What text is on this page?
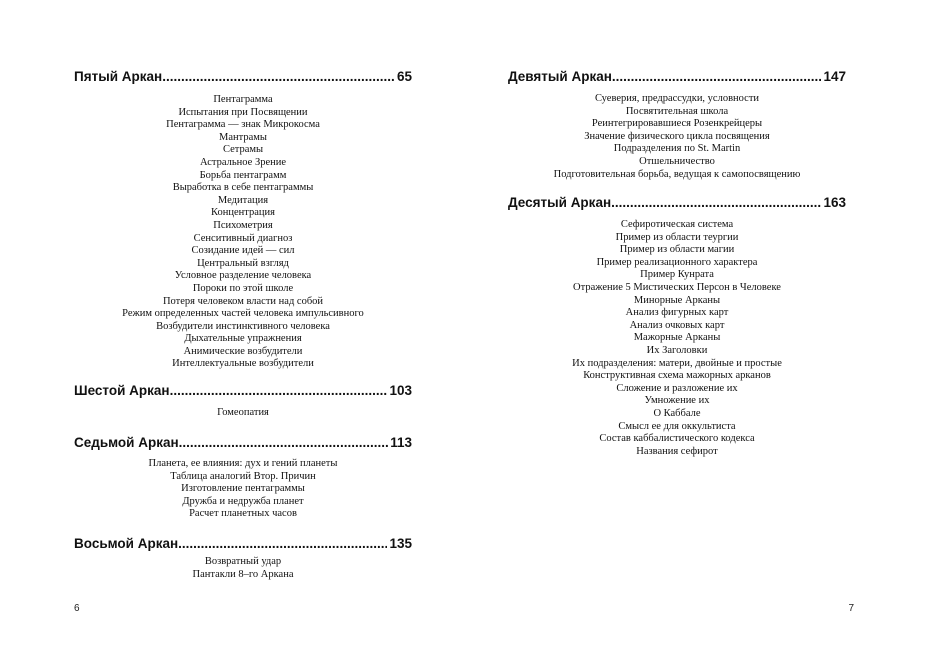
Пятый Аркан .....	65
Пентаграмма
Испытания при Посвящении
Пентаграмма — знак Микрокосма
Мантрамы
Сетрамы
Астральное Зрение
Борьба пентаграмм
Выработка в себе пентаграммы
Медитация
Концентрация
Психометрия
Сенситивный диагноз
Созидание идей — сил
Центральный взгляд
Условное разделение человека
Пороки по этой школе
Потеря человеком власти над собой
Режим определенных частей человека импульсивного
Возбудители инстинктивного человека
Дыхательные упражнения
Анимические возбудители
Интеллектуальные возбудители
Шестой Аркан .....	103
Гомеопатия
Седьмой Аркан .....	113
Планета, ее влияния: дух и гений планеты
Таблица аналогий Втор. Причин
Изготовление пентаграммы
Дружба и недружба планет
Расчет планетных часов
Восьмой Аркан .....	135
Возвратный удар
Пантакли 8–го Аркана
6
Девятый Аркан .....	147
Суеверия, предрассудки, условности
Посвятительная школа
Реинтегрировавшиеся Розенкрейцеры
Значение физического цикла посвящения
Подразделения по St. Martin
Отшельничество
Подготовительная борьба, ведущая к самопосвящению
Десятый Аркан .....	163
Сефиротическая система
Пример из области теургии
Пример из области магии
Пример реализационного характера
Пример Кунрата
Отражение 5 Мистических Персон в Человеке
Минорные Арканы
Анализ фигурных карт
Анализ очковых карт
Мажорные Арканы
Их Заголовки
Их подразделения: матери, двойные и простые
Конструктивная схема мажорных арканов
Сложение и разложение их
Умножение их
О Каббале
Смысл ее для оккультиста
Состав каббалистического кодекса
Названия сефирот
7
